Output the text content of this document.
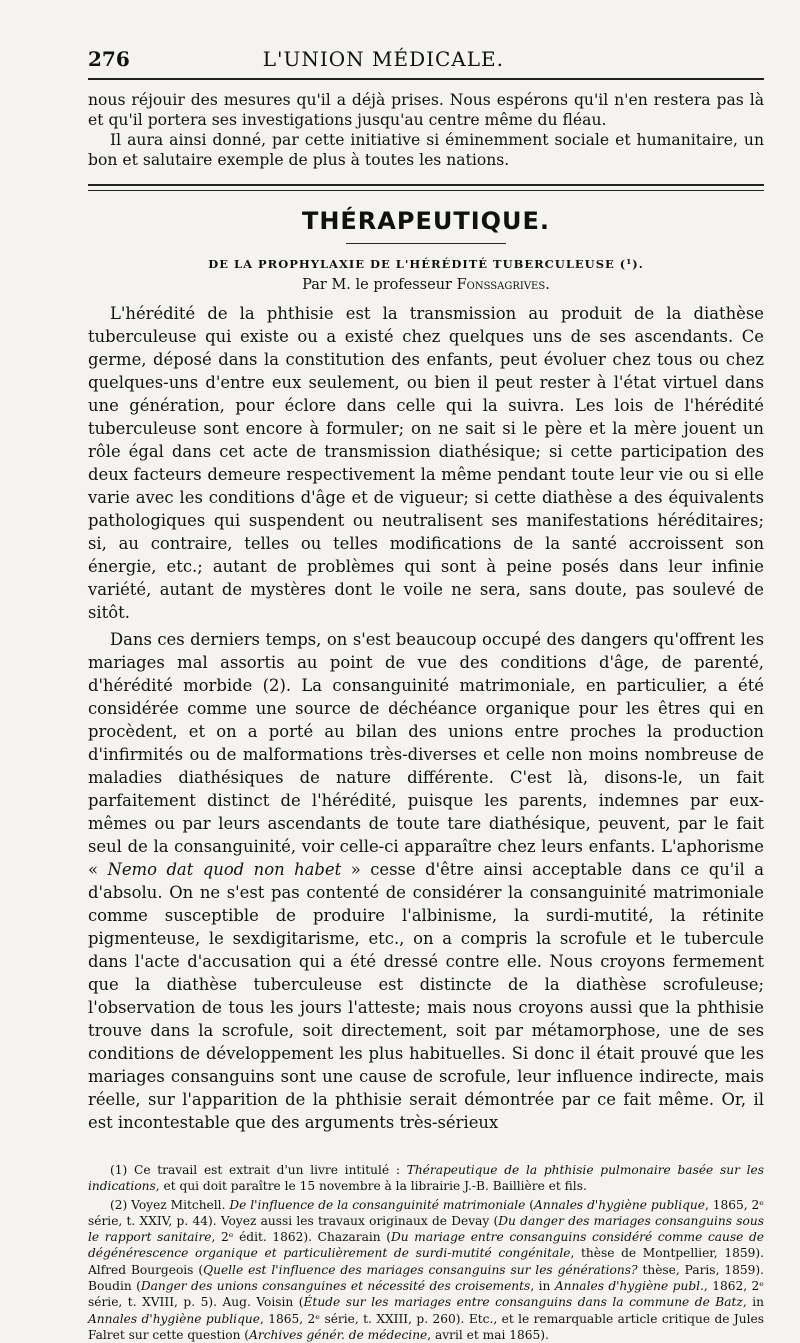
276	L'UNION MÉDICALE.

nous réjouir des mesures qu'il a déjà prises. Nous espérons qu'il n'en restera pas là et qu'il portera ses investigations jusqu'au centre même du fléau.

Il aura ainsi donné, par cette initiative si éminemment sociale et humanitaire, un bon et salutaire exemple de plus à toutes les nations.

THÉRAPEUTIQUE.
DE LA PROPHYLAXIE DE L'HÉRÉDITÉ TUBERCULEUSE (¹).
Par M. le professeur Fonssagrives.

L'hérédité de la phthisie est la transmission au produit de la diathèse tuberculeuse qui existe ou a existé chez quelques uns de ses ascendants. Ce germe, déposé dans la constitution des enfants, peut évoluer chez tous ou chez quelques-uns d'entre eux seulement, ou bien il peut rester à l'état virtuel dans une génération, pour éclore dans celle qui la suivra. Les lois de l'hérédité tuberculeuse sont encore à formuler; on ne sait si le père et la mère jouent un rôle égal dans cet acte de transmission diathésique; si cette participation des deux facteurs demeure respectivement la même pendant toute leur vie ou si elle varie avec les conditions d'âge et de vigueur; si cette diathèse a des équivalents pathologiques qui suspendent ou neutralisent ses manifestations héréditaires; si, au contraire, telles ou telles modifications de la santé accroissent son énergie, etc.; autant de problèmes qui sont à peine posés dans leur infinie variété, autant de mystères dont le voile ne sera, sans doute, pas soulevé de sitôt.

Dans ces derniers temps, on s'est beaucoup occupé des dangers qu'offrent les mariages mal assortis au point de vue des conditions d'âge, de parenté, d'hérédité morbide (2). La consanguinité matrimoniale, en particulier, a été considérée comme une source de déchéance organique pour les êtres qui en procèdent, et on a porté au bilan des unions entre proches la production d'infirmités ou de malformations très-diverses et celle non moins nombreuse de maladies diathésiques de nature différente. C'est là, disons-le, un fait parfaitement distinct de l'hérédité, puisque les parents, indemnes par eux-mêmes ou par leurs ascendants de toute tare diathésique, peuvent, par le fait seul de la consanguinité, voir celle-ci apparaître chez leurs enfants. L'aphorisme « Nemo dat quod non habet » cesse d'être ainsi acceptable dans ce qu'il a d'absolu. On ne s'est pas contenté de considérer la consanguinité matrimoniale comme susceptible de produire l'albinisme, la surdi-mutité, la rétinite pigmenteuse, le sexdigitarisme, etc., on a compris la scrofule et le tubercule dans l'acte d'accusation qui a été dressé contre elle. Nous croyons fermement que la diathèse tuberculeuse est distincte de la diathèse scrofuleuse; l'observation de tous les jours l'atteste; mais nous croyons aussi que la phthisie trouve dans la scrofule, soit directement, soit par métamorphose, une de ses conditions de développement les plus habituelles. Si donc il était prouvé que les mariages consanguins sont une cause de scrofule, leur influence indirecte, mais réelle, sur l'apparition de la phthisie serait démontrée par ce fait même. Or, il est incontestable que des arguments très-sérieux

(1) Ce travail est extrait d'un livre intitulé : Thérapeutique de la phthisie pulmonaire basée sur les indications, et qui doit paraître le 15 novembre à la librairie J.-B. Baillière et fils.

(2) Voyez Mitchell. De l'influence de la consanguinité matrimoniale (Annales d'hygiène publique, 1865, 2ᵉ série, t. XXIV, p. 44). Voyez aussi les travaux originaux de Devay (Du danger des mariages consanguins sous le rapport sanitaire, 2ᵉ édit. 1862). Chazarain (Du mariage entre consanguins considéré comme cause de dégénérescence organique et particulièrement de surdi-mutité congénitale, thèse de Montpellier, 1859). Alfred Bourgeois (Quelle est l'influence des mariages consanguins sur les générations? thèse, Paris, 1859). Boudin (Danger des unions consanguines et nécessité des croisements, in Annales d'hygiène publ., 1862, 2ᵉ série, t. XVIII, p. 5). Aug. Voisin (Étude sur les mariages entre consanguins dans la commune de Batz, in Annales d'hygiène publique, 1865, 2ᵉ série, t. XXIII, p. 260). Etc., et le remarquable article critique de Jules Falret sur cette question (Archives génér. de médecine, avril et mai 1865).
